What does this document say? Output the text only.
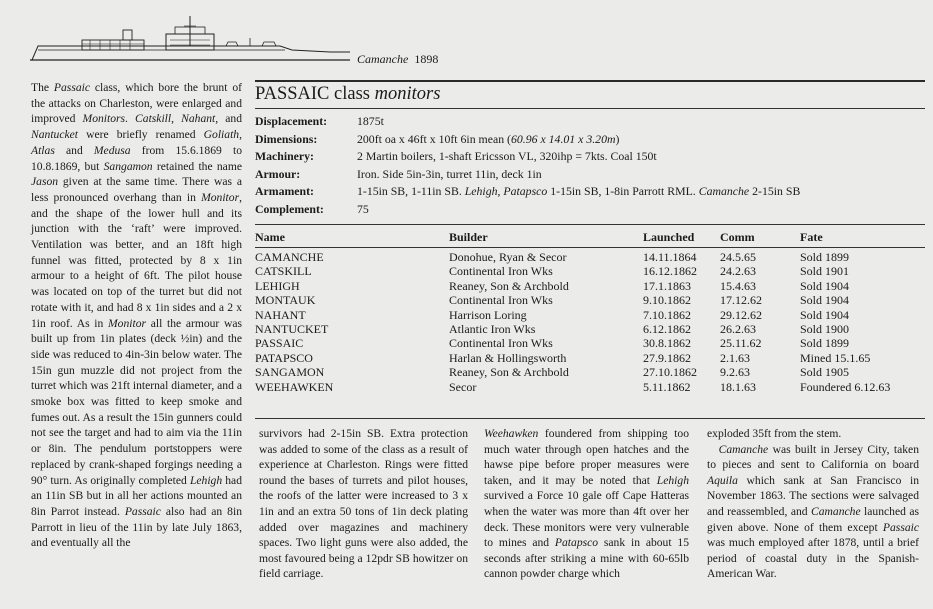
Camanche 1898

The Passaic class, which bore the brunt of the attacks on Charleston, were enlarged and improved Monitors. Catskill, Nahant, and Nantucket were briefly renamed Goliath, Atlas and Medusa from 15.6.1869 to 10.8.1869, but Sangamon retained the name Jason given at the same time. There was a less pronounced overhang than in Monitor, and the shape of the lower hull and its junction with the ‘raft’ were improved. Ventilation was better, and an 18ft high funnel was fitted, protected by 8 x 1in armour to a height of 6ft. The pilot house was located on top of the turret but did not rotate with it, and had 8 x 1in sides and a 2 x 1in roof. As in Monitor all the armour was built up from 1in plates (deck ½in) and the side was reduced to 4in-3in below water. The 15in gun muzzle did not project from the turret which was 21ft internal diameter, and a smoke box was fitted to keep smoke and fumes out. As a result the 15in gunners could not see the target and had to aim via the 11in or 8in. The pendulum portstoppers were replaced by crank-shaped forgings needing a 90° turn. As originally completed Lehigh had an 11in SB but in all her actions mounted an 8in Parrot instead. Passaic also had an 8in Parrott in lieu of the 11in by late July 1863, and eventually all the

PASSAIC class monitors
Displacement:	1875t
Dimensions:	200ft oa x 46ft x 10ft 6in mean (60.96 x 14.01 x 3.20m)
Machinery:	2 Martin boilers, 1-shaft Ericsson VL, 320ihp = 7kts. Coal 150t
Armour:	Iron. Side 5in-3in, turret 11in, deck 1in
Armament:	1-15in SB, 1-11in SB. Lehigh, Patapsco 1-15in SB, 1-8in Parrott RML. Camanche 2-15in SB
Complement:	75
Name	Builder	Launched	Comm	Fate
CAMANCHE	Donohue, Ryan & Secor	14.11.1864	24.5.65	Sold 1899
CATSKILL	Continental Iron Wks	16.12.1862	24.2.63	Sold 1901
LEHIGH	Reaney, Son & Archbold	17.1.1863	15.4.63	Sold 1904
MONTAUK	Continental Iron Wks	9.10.1862	17.12.62	Sold 1904
NAHANT	Harrison Loring	7.10.1862	29.12.62	Sold 1904
NANTUCKET	Atlantic Iron Wks	6.12.1862	26.2.63	Sold 1900
PASSAIC	Continental Iron Wks	30.8.1862	25.11.62	Sold 1899
PATAPSCO	Harlan & Hollingsworth	27.9.1862	2.1.63	Mined 15.1.65
SANGAMON	Reaney, Son & Archbold	27.10.1862	9.2.63	Sold 1905
WEEHAWKEN	Secor	5.11.1862	18.1.63	Foundered 6.12.63

survivors had 2-15in SB. Extra protection was added to some of the class as a result of experience at Charleston. Rings were fitted round the bases of turrets and pilot houses, the roofs of the latter were increased to 3 x 1in and an extra 50 tons of 1in deck plating added over magazines and machinery spaces. Two light guns were also added, the most favoured being a 12pdr SB howitzer on field carriage.

Weehawken foundered from shipping too much water through open hatches and the hawse pipe before proper measures were taken, and it may be noted that Lehigh survived a Force 10 gale off Cape Hatteras when the water was more than 4ft over her deck. These monitors were very vulnerable to mines and Patapsco sank in about 15 seconds after striking a mine with 60-65lb cannon powder charge which

exploded 35ft from the stem.

 Camanche was built in Jersey City, taken to pieces and sent to California on board Aquila which sank at San Francisco in November 1863. The sections were salvaged and reassembled, and Camanche launched as given above. None of them except Passaic was much employed after 1878, until a brief period of coastal duty in the Spanish-American War.
